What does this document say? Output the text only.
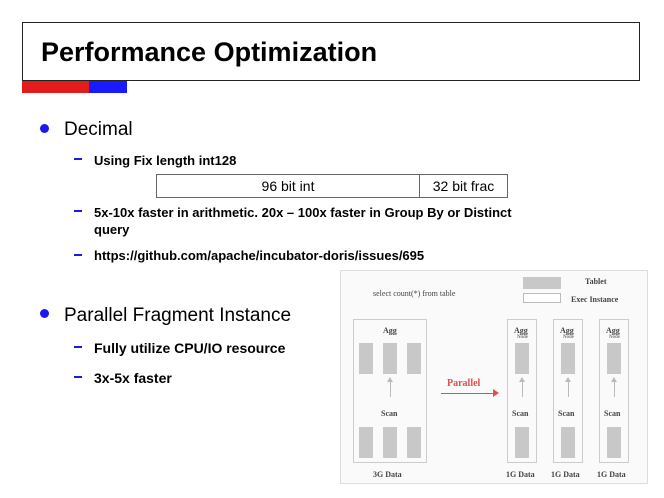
Performance Optimization
Decimal
Using Fix length int128
96 bit int	32 bit frac
5x-10x faster in arithmetic. 20x – 100x faster in Group By or Distinct
query
https://github.com/apache/incubator-doris/issues/695
Parallel Fragment Instance
Fully utilize CPU/IO resource
3x-5x faster
select count(*) from table
Tablet
Exec Instance
Agg
Scan
3G Data
Parallel
Agg
Node
Scan
1G Data
Agg
Node
Scan
1G Data
Agg
Node
Scan
1G Data
